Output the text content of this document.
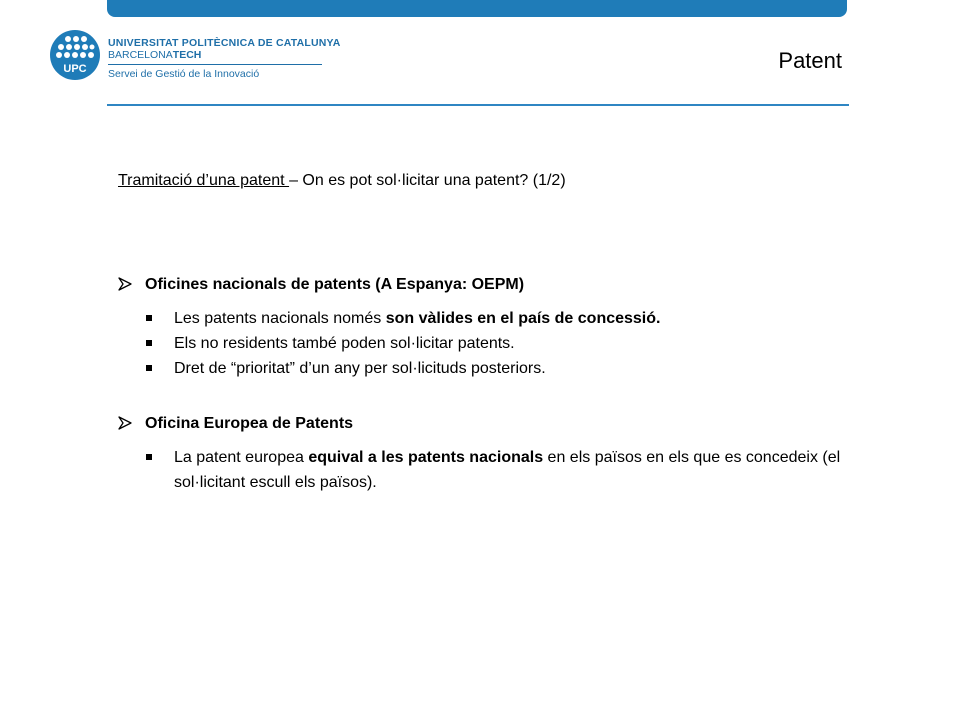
UPC
UNIVERSITAT POLITÈCNICA DE CATALUNYA
BARCELONATECH
Servei de Gestió de la Innovació
Patent
Tramitació d’una patent – On es pot sol·licitar una patent? (1/2)
Oficines nacionals de patents (A Espanya: OEPM)
Les patents nacionals només son vàlides en el país de concessió.
Els no residents també poden sol·licitar patents.
Dret de “prioritat” d’un any per sol·licituds posteriors.
Oficina Europea de Patents
La patent europea equival a les patents nacionals en els països en els que es concedeix (el sol·licitant escull els països).
